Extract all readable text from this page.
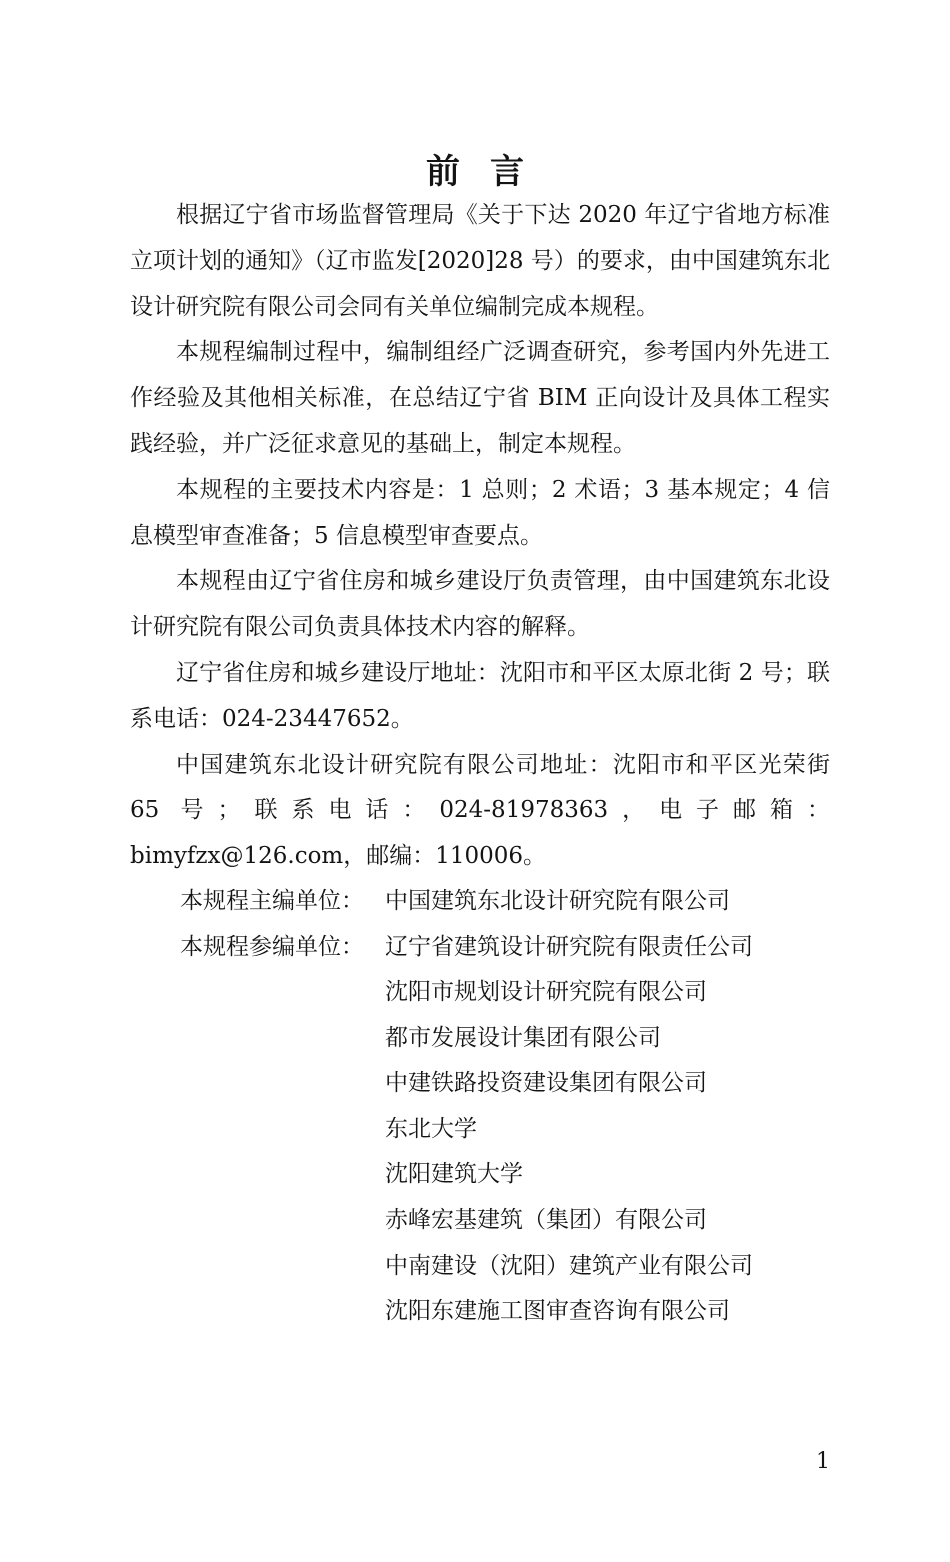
前言

根据辽宁省市场监督管理局《关于下达 2020 年辽宁省地方标准立项计划的通知》（辽市监发[2020]28 号）的要求，由中国建筑东北设计研究院有限公司会同有关单位编制完成本规程。

本规程编制过程中，编制组经广泛调查研究，参考国内外先进工作经验及其他相关标准，在总结辽宁省 BIM 正向设计及具体工程实践经验，并广泛征求意见的基础上，制定本规程。

本规程的主要技术内容是：1 总则；2 术语；3 基本规定；4 信息模型审查准备；5 信息模型审查要点。

本规程由辽宁省住房和城乡建设厅负责管理，由中国建筑东北设计研究院有限公司负责具体技术内容的解释。

辽宁省住房和城乡建设厅地址：沈阳市和平区太原北街 2 号；联系电话：024-23447652。

中国建筑东北设计研究院有限公司地址：沈阳市和平区光荣街 65 号；联系电话：024-81978363，电子邮箱：bimyfzx@126.com，邮编：110006。

本规程主编单位： 中国建筑东北设计研究院有限公司
本规程参编单位： 辽宁省建筑设计研究院有限责任公司
沈阳市规划设计研究院有限公司
都市发展设计集团有限公司
中建铁路投资建设集团有限公司
东北大学
沈阳建筑大学
赤峰宏基建筑（集团）有限公司
中南建设（沈阳）建筑产业有限公司
沈阳东建施工图审查咨询有限公司
1
